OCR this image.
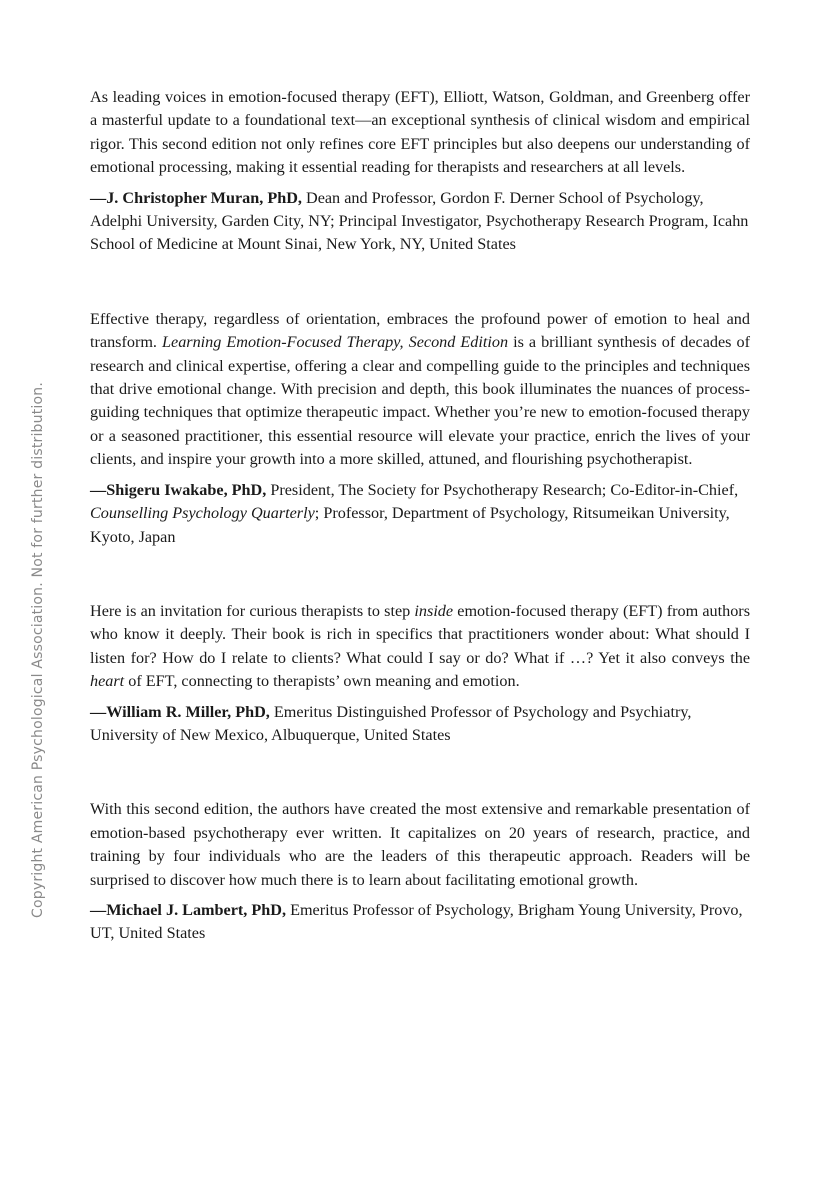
Copyright American Psychological Association. Not for further distribution.

As leading voices in emotion-focused therapy (EFT), Elliott, Watson, Goldman, and Greenberg offer a masterful update to a foundational text—an exceptional synthesis of clinical wisdom and empirical rigor. This second edition not only refines core EFT principles but also deepens our understanding of emotional processing, making it essential reading for therapists and researchers at all levels.

—J. Christopher Muran, PhD, Dean and Professor, Gordon F. Derner School of Psychology, Adelphi University, Garden City, NY; Principal Investigator, Psychotherapy Research Program, Icahn School of Medicine at Mount Sinai, New York, NY, United States

Effective therapy, regardless of orientation, embraces the profound power of emotion to heal and transform. Learning Emotion-Focused Therapy, Second Edition is a brilliant synthesis of decades of research and clinical expertise, offering a clear and compelling guide to the principles and techniques that drive emotional change. With precision and depth, this book illuminates the nuances of process-guiding techniques that optimize therapeutic impact. Whether you’re new to emotion-focused therapy or a seasoned practitioner, this essential resource will elevate your practice, enrich the lives of your clients, and inspire your growth into a more skilled, attuned, and flourishing psychotherapist.

—Shigeru Iwakabe, PhD, President, The Society for Psychotherapy Research; Co-Editor-in-Chief, Counselling Psychology Quarterly; Professor, Department of Psychology, Ritsumeikan University, Kyoto, Japan

Here is an invitation for curious therapists to step inside emotion-focused therapy (EFT) from authors who know it deeply. Their book is rich in specifics that practitioners wonder about: What should I listen for? How do I relate to clients? What could I say or do? What if …? Yet it also conveys the heart of EFT, connecting to therapists’ own meaning and emotion.

—William R. Miller, PhD, Emeritus Distinguished Professor of Psychology and Psychiatry, University of New Mexico, Albuquerque, United States

With this second edition, the authors have created the most extensive and remarkable presentation of emotion-based psychotherapy ever written. It capitalizes on 20 years of research, practice, and training by four individuals who are the leaders of this therapeutic approach. Readers will be surprised to discover how much there is to learn about facilitating emotional growth.

—Michael J. Lambert, PhD, Emeritus Professor of Psychology, Brigham Young University, Provo, UT, United States
